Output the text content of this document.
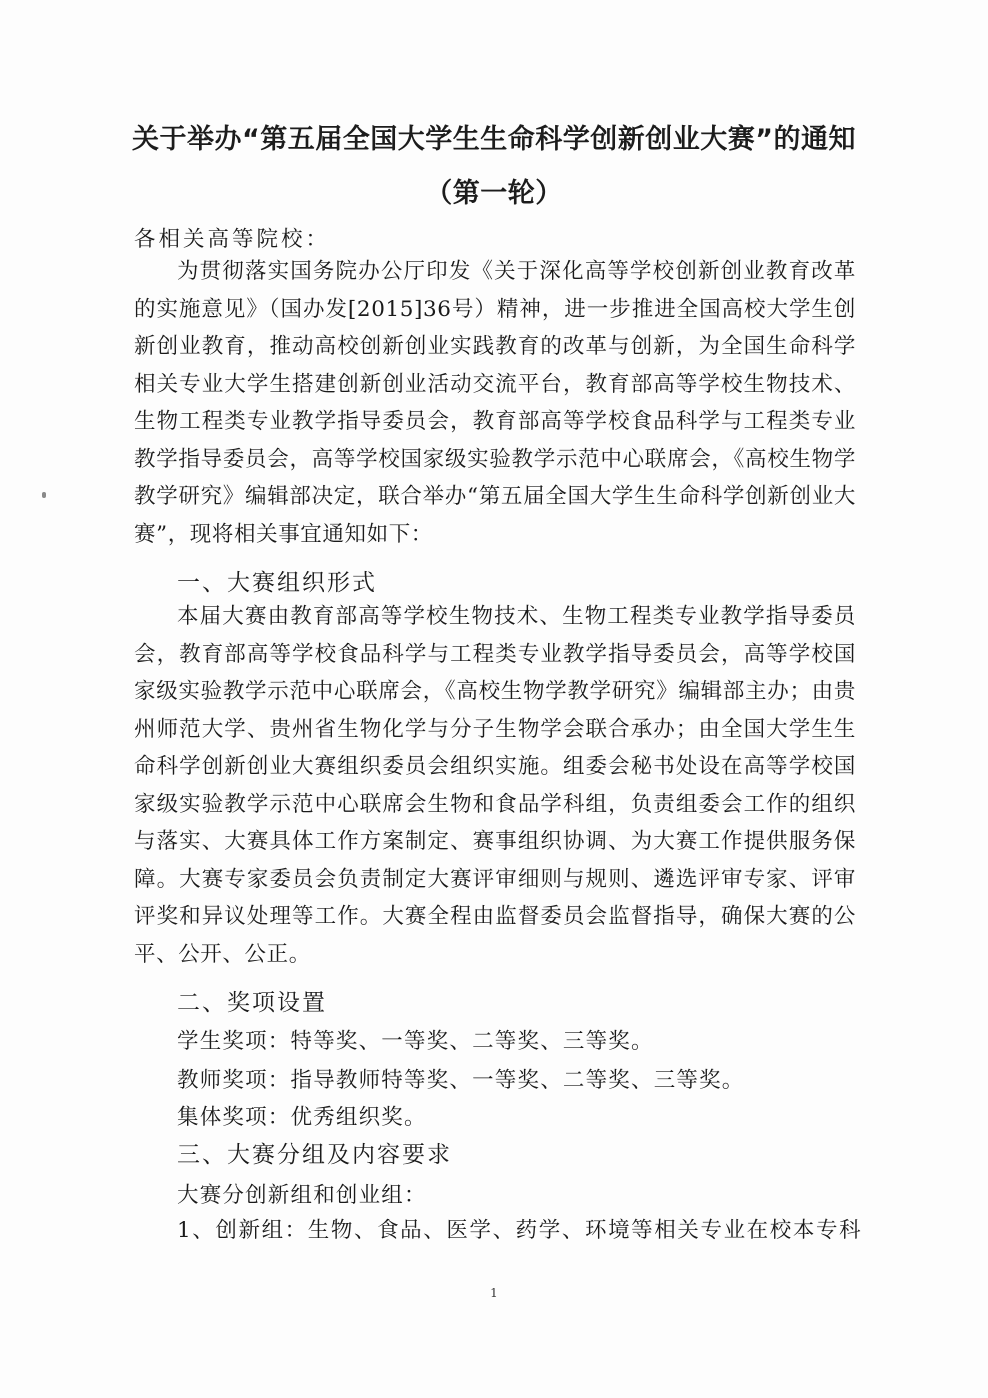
关于举办“第五届全国大学生生命科学创新创业大赛”的通知
（第一轮）
各相关高等院校：
为贯彻落实国务院办公厅印发《关于深化高等学校创新创业教育改革的实施意见》（国办发[2015]36号）精神，进一步推进全国高校大学生创新创业教育，推动高校创新创业实践教育的改革与创新，为全国生命科学相关专业大学生搭建创新创业活动交流平台，教育部高等学校生物技术、生物工程类专业教学指导委员会，教育部高等学校食品科学与工程类专业教学指导委员会，高等学校国家级实验教学示范中心联席会，《高校生物学教学研究》编辑部决定，联合举办“第五届全国大学生生命科学创新创业大赛”，现将相关事宜通知如下：
一、大赛组织形式
本届大赛由教育部高等学校生物技术、生物工程类专业教学指导委员会，教育部高等学校食品科学与工程类专业教学指导委员会，高等学校国家级实验教学示范中心联席会，《高校生物学教学研究》编辑部主办；由贵州师范大学、贵州省生物化学与分子生物学会联合承办；由全国大学生生命科学创新创业大赛组织委员会组织实施。组委会秘书处设在高等学校国家级实验教学示范中心联席会生物和食品学科组，负责组委会工作的组织与落实、大赛具体工作方案制定、赛事组织协调、为大赛工作提供服务保障。大赛专家委员会负责制定大赛评审细则与规则、遴选评审专家、评审评奖和异议处理等工作。大赛全程由监督委员会监督指导，确保大赛的公平、公开、公正。
二、奖项设置
学生奖项：特等奖、一等奖、二等奖、三等奖。
教师奖项：指导教师特等奖、一等奖、二等奖、三等奖。
集体奖项：优秀组织奖。
三、大赛分组及内容要求
大赛分创新组和创业组：
1、创新组：生物、食品、医学、药学、环境等相关专业在校本专科
1
